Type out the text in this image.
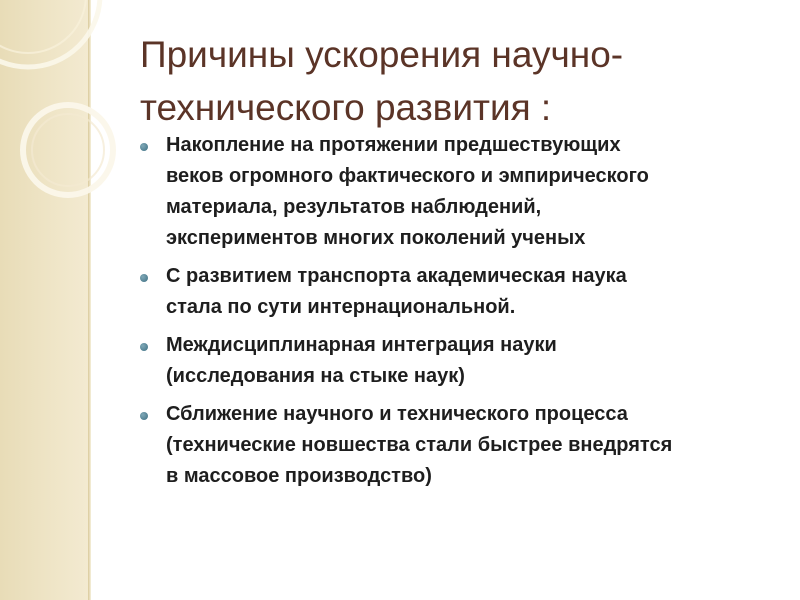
Причины ускорения научно-
технического развития :
Накопление на протяжении предшествующих
веков огромного фактического и эмпирического
материала, результатов наблюдений,
экспериментов многих поколений ученых
С развитием транспорта академическая наука
стала по сути интернациональной.
Междисциплинарная интеграция науки
(исследования на стыке наук)
Сближение научного и технического процесса
(технические новшества стали быстрее внедрятся
в массовое производство)
